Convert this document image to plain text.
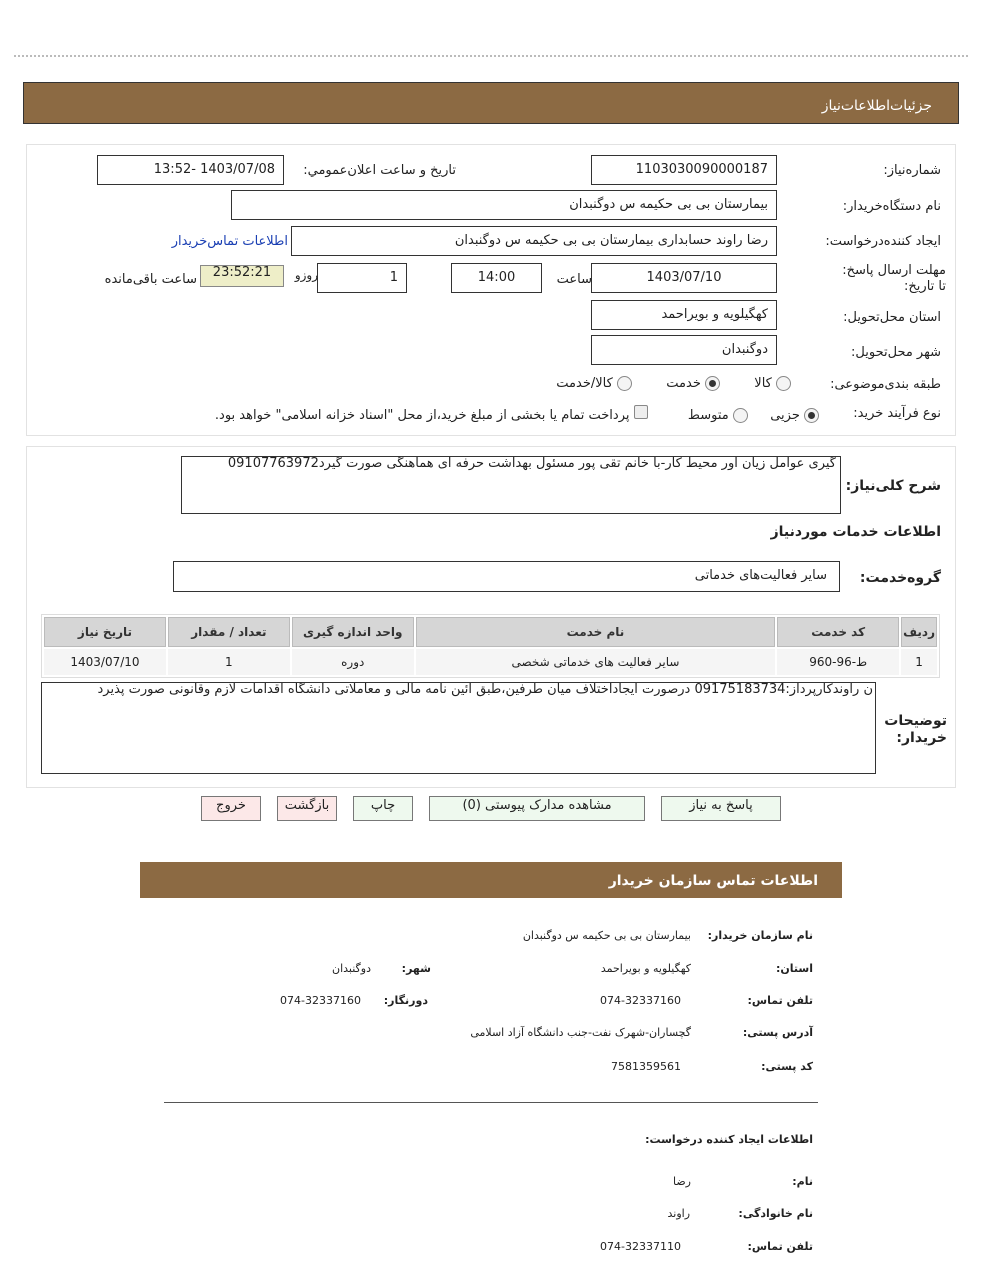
جزئیات‌اطلاعات‌نیاز
شماره‌نیاز:
1103030090000187
تاریخ و ساعت اعلان‌عمومي:
1403/07/08 -13:52
نام دستگاه‌خریدار:
بیمارستان بی بی حکیمه س دوگنبدان
ایجاد کننده‌درخواست:
رضا راوند حسابداری بیمارستان بی بی حکیمه س دوگنبدان
اطلاعات تماس‌خریدار
مهلت ارسال پاسخ: تا تاریخ:
1403/07/10
ساعت
14:00
1
روزو
23:52:21
ساعت باقی‌مانده
استان محل‌تحویل:
کهگیلویه و بویراحمد
شهر محل‌تحویل:
دوگنبدان
طبقه بندی‌موضوعی:
کالا   خدمت   کالا/خدمت
نوع فرآیند خرید:
جزیی   متوسط   پرداخت تمام یا بخشی از مبلغ خرید،از محل "اسناد خزانه اسلامی" خواهد بود.
شرح کلی‌نیاز:
گیری عوامل زیان آور محیط کار-با خانم تقی پور مسئول بهداشت حرفه ای هماهنگی صورت گیرد09107763972
اطلاعات خدمات مورد‌نیاز
گروه‌خدمت:
سایر فعالیت‌های خدماتی
ردیف	کد خدمت	نام خدمت	واحد اندازه گیری	تعداد / مقدار	تاریخ نیاز
1	ط-96-960	سایر فعالیت های خدماتی شخصی	دوره	1	1403/07/10
توضیحات خریدار:
ن راوندکارپرداز:09175183734 درصورت ایجاداختلاف میان طرفین،طبق آئین نامه مالی و معاملاتی دانشگاه اقدامات لازم وقانونی صورت پذیرد
پاسخ به نیاز
مشاهده مدارک پیوستی (0)
چاپ
بازگشت
خروج
اطلاعات تماس سازمان خریدار
نام سازمان خریدار:
بیمارستان بی بی حکیمه س دوگنبدان
استان:
کهگیلویه و بویراحمد
شهر:
دوگنبدان
تلفن تماس:
074-32337160
دورنگار:
074-32337160
آدرس پستی:
گچساران-شهرک نفت-جنب دانشگاه آزاد اسلامی
کد پستی:
7581359561
اطلاعات ایجاد کننده درخواست:
نام:
رضا
نام خانوادگی:
راوند
تلفن تماس:
074-32337110
